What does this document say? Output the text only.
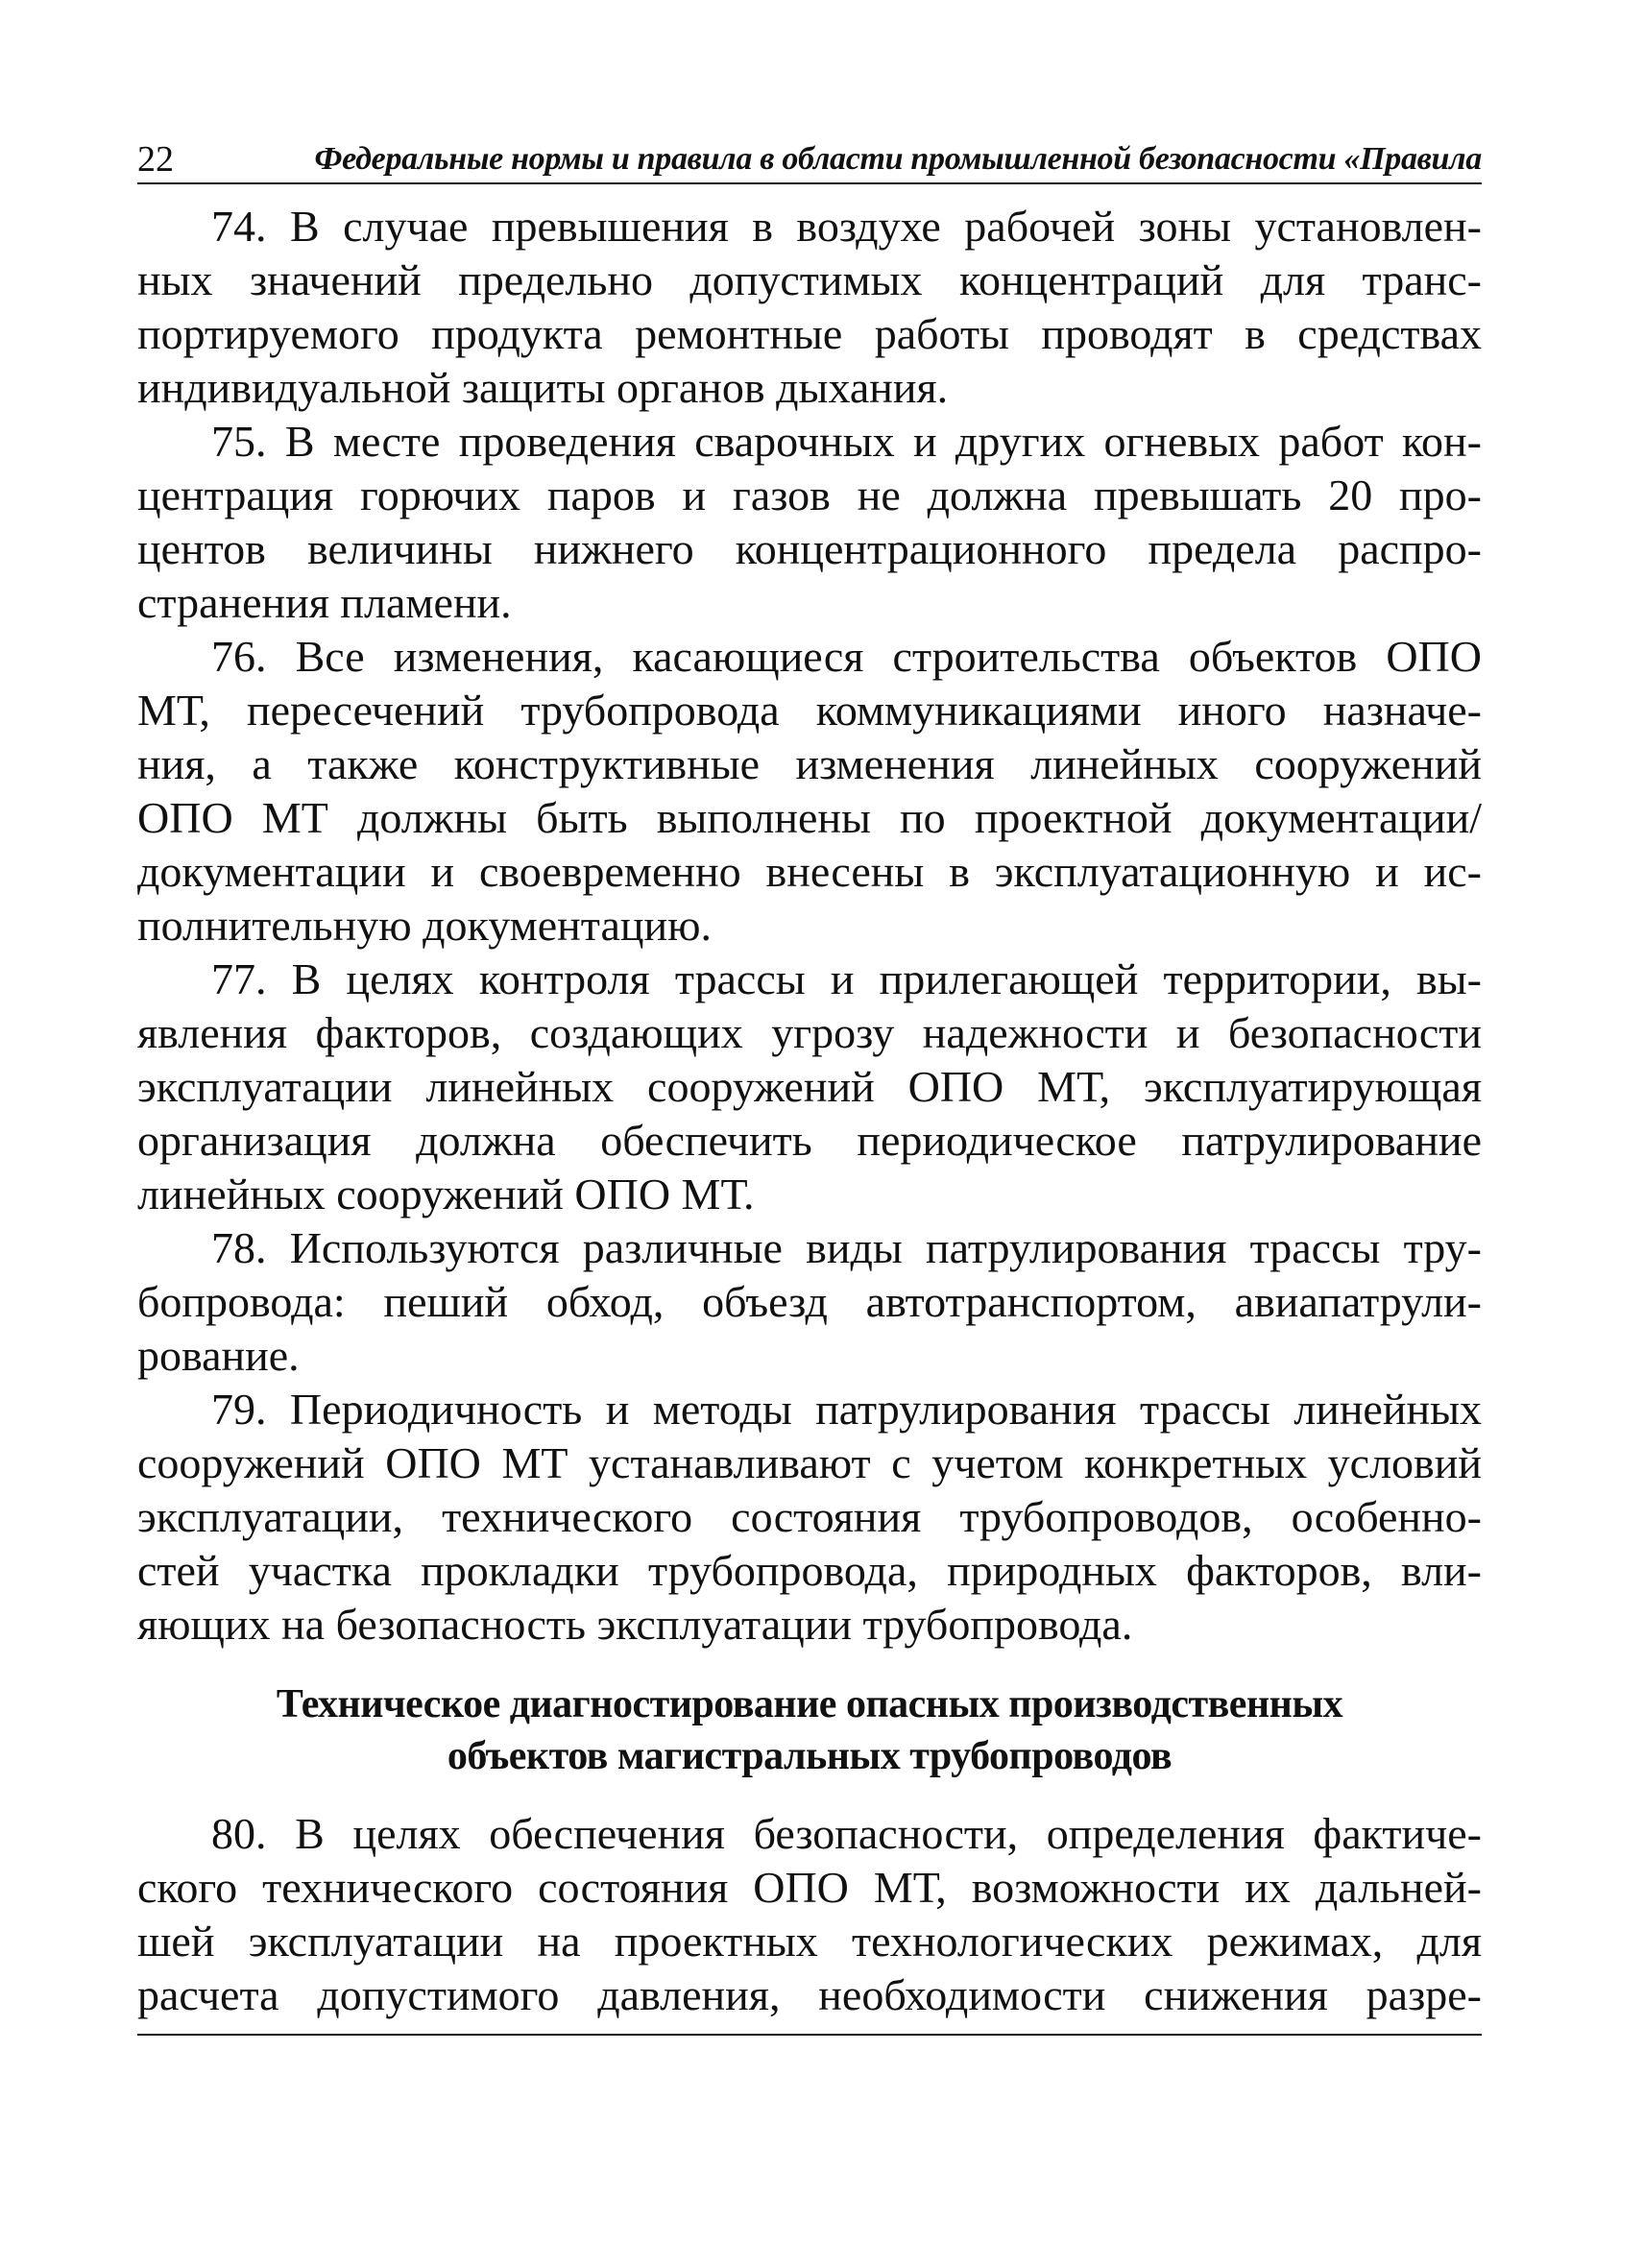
22	Федеральные нормы и правила в области промышленной безопасности «Правила

74. В случае превышения в воздухе рабочей зоны установлен-
ных значений предельно допустимых концентраций для транс-
портируемого продукта ремонтные работы проводят в средствах
индивидуальной защиты органов дыхания.

75. В месте проведения сварочных и других огневых работ кон-
центрация горючих паров и газов не должна превышать 20 про-
центов величины нижнего концентрационного предела распро-
странения пламени.

76. Все изменения, касающиеся строительства объектов ОПО
МТ, пересечений трубопровода коммуникациями иного назначе-
ния, а также конструктивные изменения линейных сооружений
ОПО МТ должны быть выполнены по проектной документации/
документации и своевременно внесены в эксплуатационную и ис-
полнительную документацию.

77. В целях контроля трассы и прилегающей территории, вы-
явления факторов, создающих угрозу надежности и безопасности
эксплуатации линейных сооружений ОПО МТ, эксплуатирующая
организация должна обеспечить периодическое патрулирование
линейных сооружений ОПО МТ.

78. Используются различные виды патрулирования трассы тру-
бопровода: пеший обход, объезд автотранспортом, авиапатрули-
рование.

79. Периодичность и методы патрулирования трассы линейных
сооружений ОПО МТ устанавливают с учетом конкретных условий
эксплуатации, технического состояния трубопроводов, особенно-
стей участка прокладки трубопровода, природных факторов, вли-
яющих на безопасность эксплуатации трубопровода.

Техническое диагностирование опасных производственных
объектов магистральных трубопроводов

80. В целях обеспечения безопасности, определения фактиче-
ского технического состояния ОПО МТ, возможности их дальней-
шей эксплуатации на проектных технологических режимах, для
расчета допустимого давления, необходимости снижения разре-
